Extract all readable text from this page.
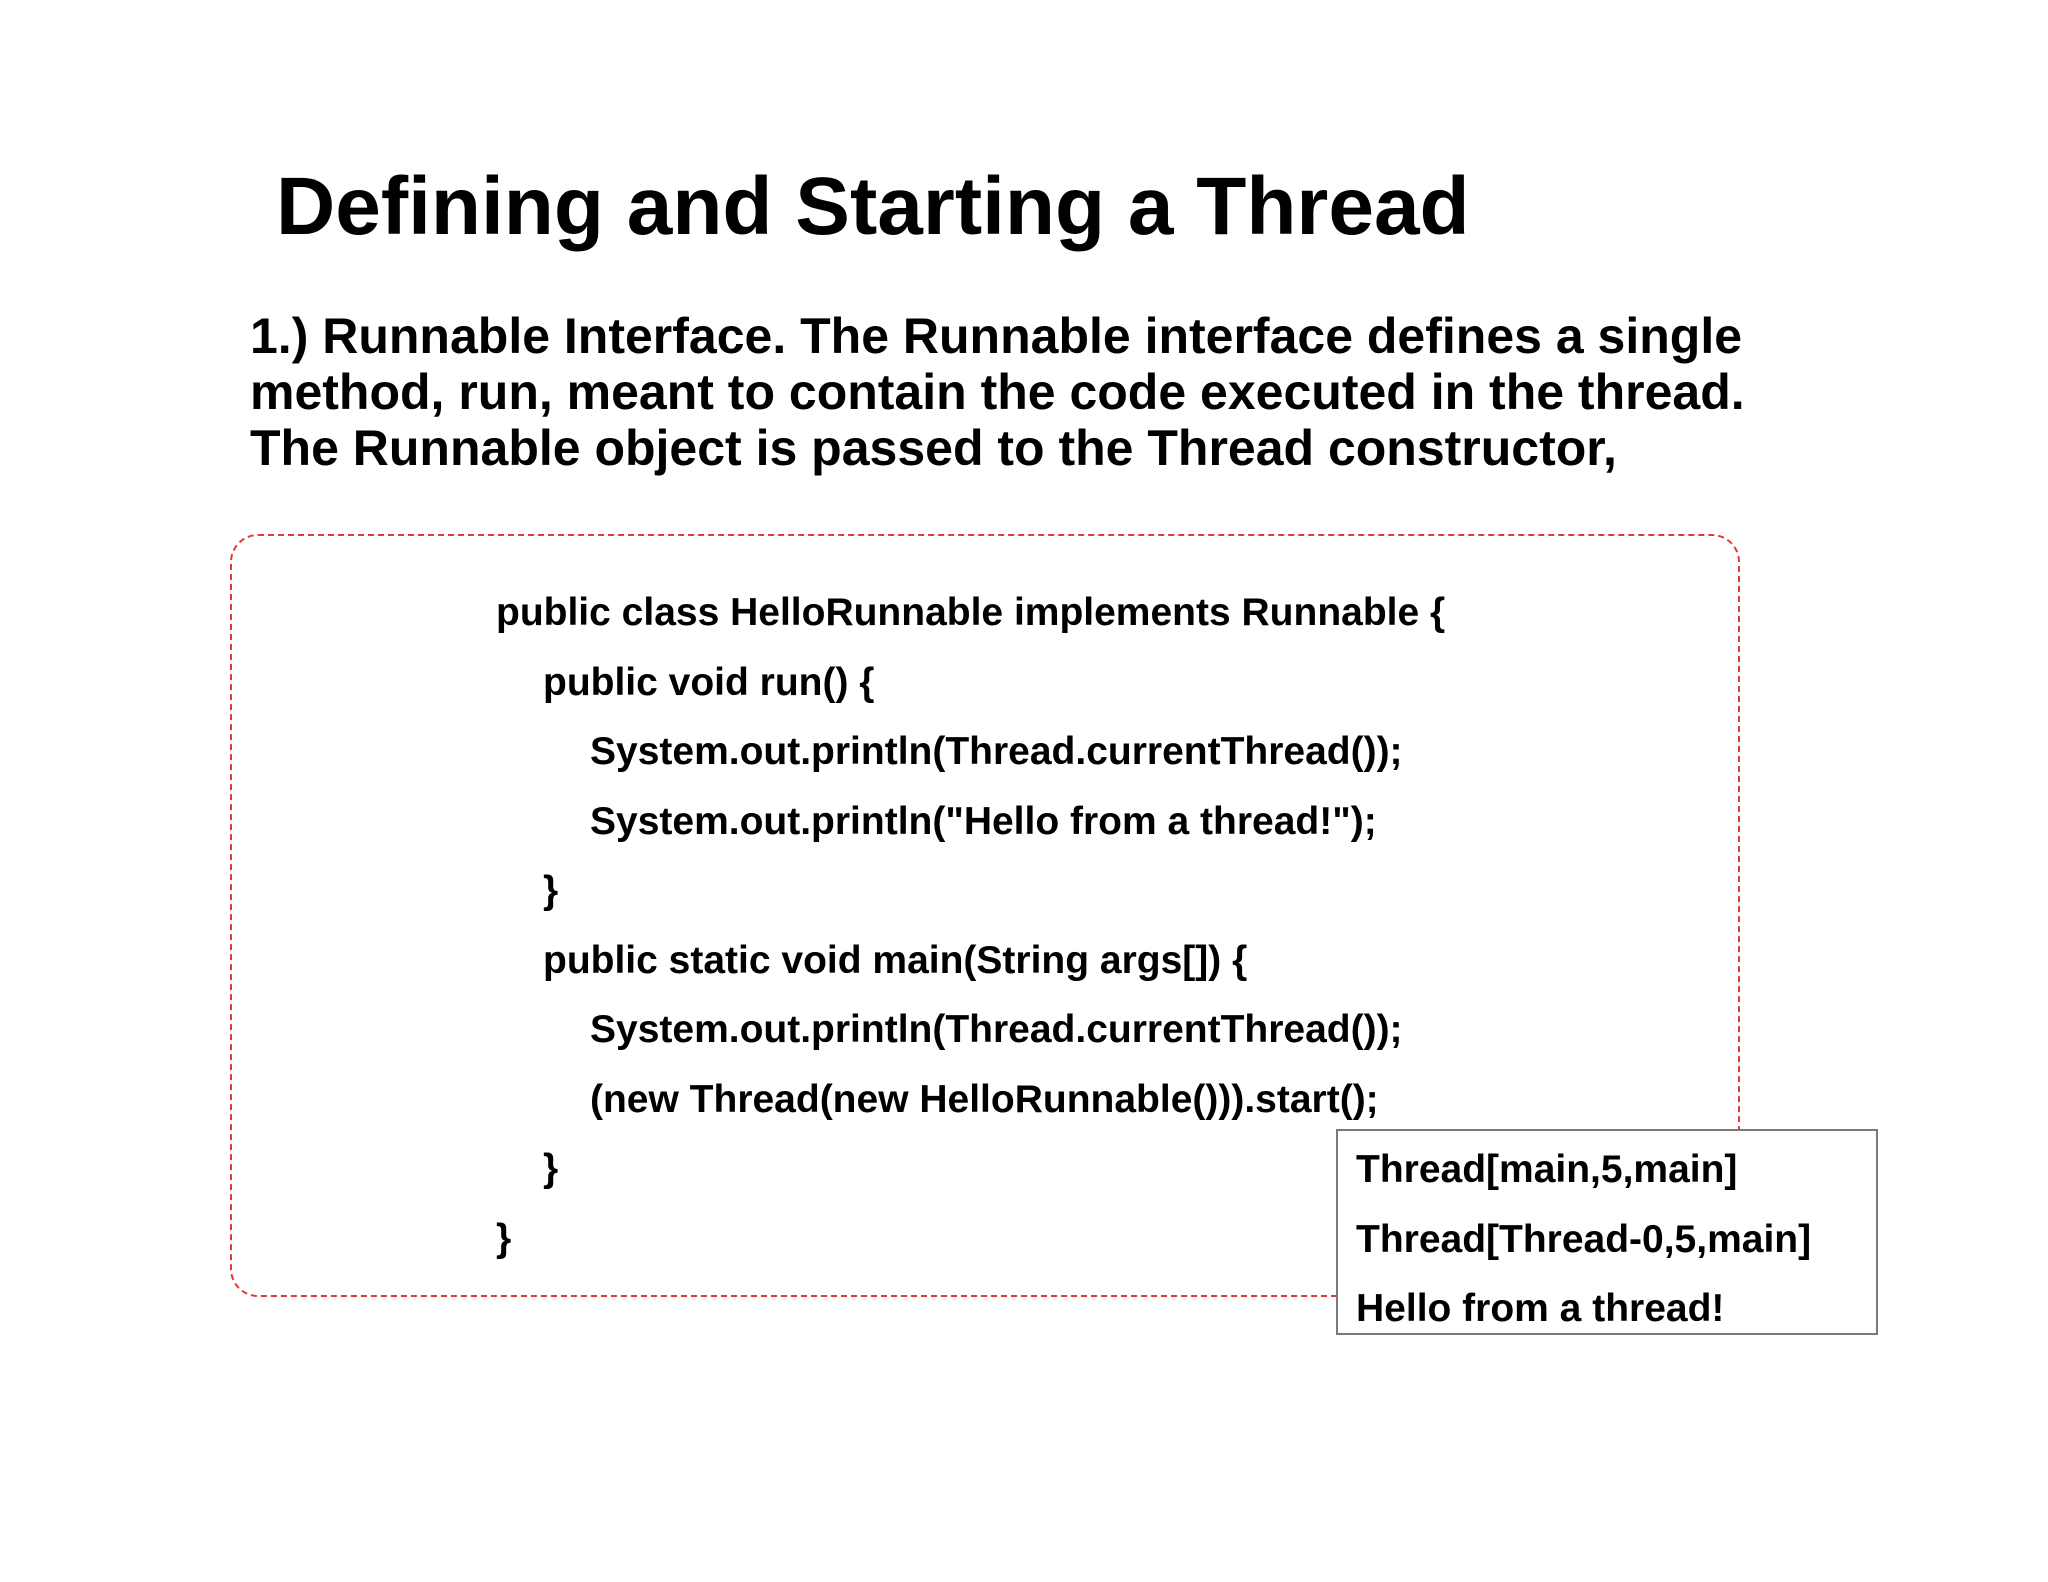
Defining and Starting a Thread
1.) Runnable Interface. The Runnable interface defines a single
method, run, meant to contain the code executed in the thread.
The Runnable object is passed to the Thread constructor,
public class HelloRunnable implements Runnable {
public void run() {
System.out.println(Thread.currentThread());
System.out.println("Hello from a thread!");
}
public static void main(String args[]) {
System.out.println(Thread.currentThread());
(new Thread(new HelloRunnable())).start();
}
}
Thread[main,5,main]
Thread[Thread-0,5,main]
Hello from a thread!
